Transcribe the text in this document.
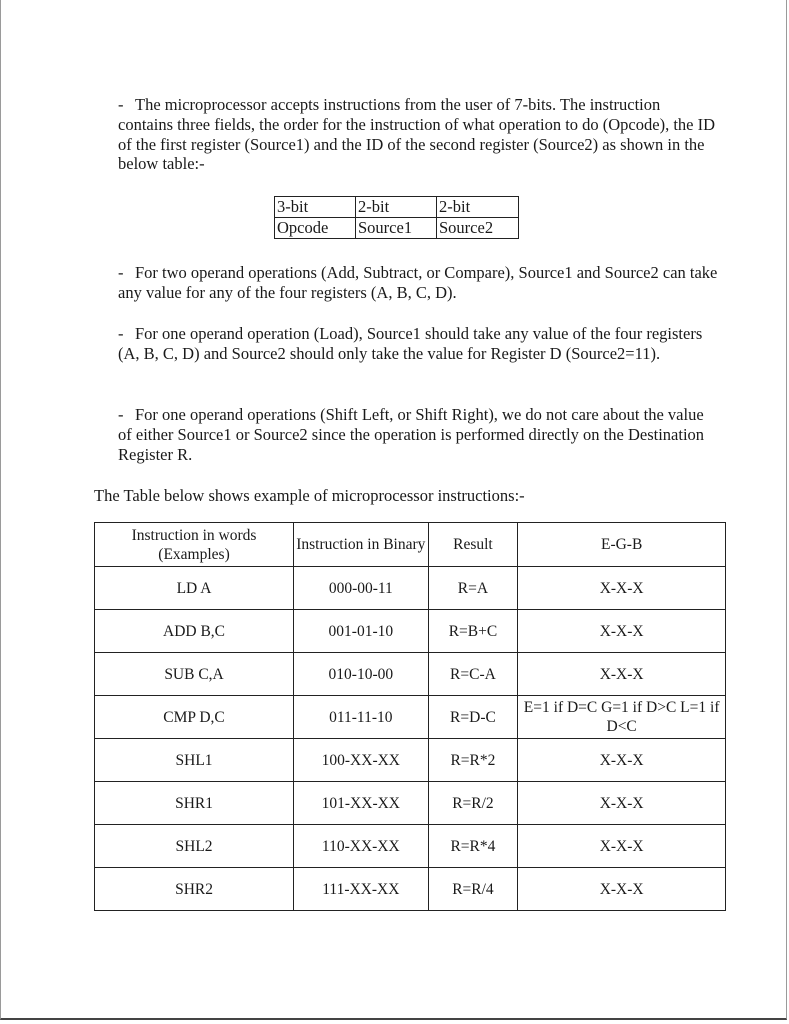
- The microprocessor accepts instructions from the user of 7-bits. The instruction contains three fields, the order for the instruction of what operation to do (Opcode), the ID of the first register (Source1) and the ID of the second register (Source2) as shown in the below table:-

3-bit	2-bit	2-bit
Opcode	Source1	Source2

- For two operand operations (Add, Subtract, or Compare), Source1 and Source2 can take any value for any of the four registers (A, B, C, D).

- For one operand operation (Load), Source1 should take any value of the four registers (A, B, C, D) and Source2 should only take the value for Register D (Source2=11).

- For one operand operations (Shift Left, or Shift Right), we do not care about the value of either Source1 or Source2 since the operation is performed directly on the Destination Register R.

The Table below shows example of microprocessor instructions:-

Instruction in words (Examples)	Instruction in Binary	Result	E-G-B
LD A	000-00-11	R=A	X-X-X
ADD B,C	001-01-10	R=B+C	X-X-X
SUB C,A	010-10-00	R=C-A	X-X-X
CMP D,C	011-11-10	R=D-C	E=1 if D=C G=1 if D>C L=1 if D<C
SHL1	100-XX-XX	R=R*2	X-X-X
SHR1	101-XX-XX	R=R/2	X-X-X
SHL2	110-XX-XX	R=R*4	X-X-X
SHR2	111-XX-XX	R=R/4	X-X-X
